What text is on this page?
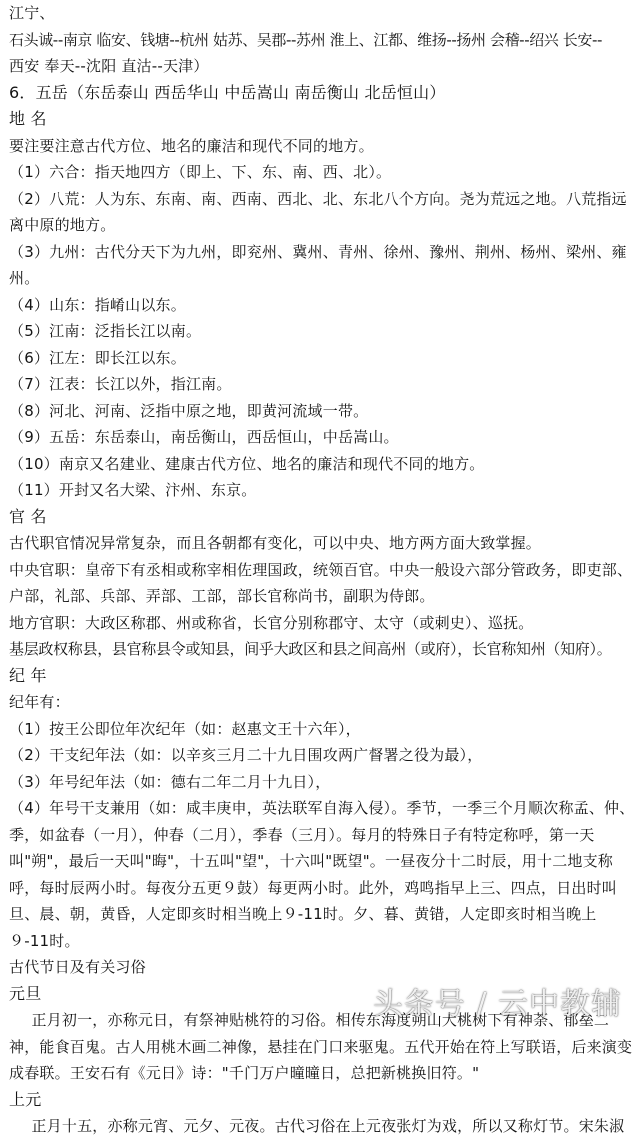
江宁、
石头诚--南京 临安、钱塘--杭州 姑苏、吴郡--苏州 淮上、江都、维扬--扬州 会稽--绍兴 长安--
西安 奉天--沈阳 直沽--天津）
6．五岳（东岳泰山 西岳华山 中岳嵩山 南岳衡山 北岳恒山）
地 名
要注要注意古代方位、地名的廉洁和现代不同的地方。
（1）六合：指天地四方（即上、下、东、南、西、北）。
（2）八荒：人为东、东南、南、西南、西北、北、东北八个方向。尧为荒远之地。八荒指远离中原的地方。
（3）九州：古代分天下为九州，即兖州、冀州、青州、徐州、豫州、荆州、杨州、梁州、雍州。
（4）山东：指崤山以东。
（5）江南：泛指长江以南。
（6）江左：即长江以东。
（7）江表：长江以外，指江南。
（8）河北、河南、泛指中原之地，即黄河流域一带。
（9）五岳：东岳泰山，南岳衡山，西岳恒山，中岳嵩山。
（10）南京又名建业、建康古代方位、地名的廉洁和现代不同的地方。
（11）开封又名大梁、汴州、东京。
官 名
古代职官情况异常复杂，而且各朝都有变化，可以中央、地方两方面大致掌握。
中央官职：皇帝下有丞相或称宰相佐理国政，统领百官。中央一般设六部分管政务，即吏部、户部，礼部、兵部、弄部、工部，部长官称尚书，副职为侍郎。
地方官职：大政区称郡、州或称省，长官分别称郡守、太守（或刺史）、巡抚。
基层政权称县，县官称县令或知县，间乎大政区和县之间高州（或府），长官称知州（知府）。
纪 年
纪年有：
（1）按王公即位年次纪年（如：赵惠文王十六年），
（2）干支纪年法（如：以辛亥三月二十九日围攻两广督署之役为最），
（3）年号纪年法（如：德右二年二月十九日），
（4）年号干支兼用（如：咸丰庚申，英法联军自海入侵）。季节，一季三个月顺次称孟、仲、季，如盆春（一月），仲春（二月），季春（三月）。每月的特殊日子有特定称呼，第一天叫"朔"，最后一天叫"晦"，十五叫"望"，十六叫"既望"。一昼夜分十二时辰，用十二地支称呼，每时辰两小时。每夜分五更９鼓）每更两小时。此外，鸡鸣指早上三、四点，日出时叫旦、晨、朝，黄昏，人定即亥时相当晚上９-11时。夕、暮、黄错，人定即亥时相当晚上９-11时。
古代节日及有关习俗
元旦
正月初一，亦称元日，有祭神贴桃符的习俗。相传东海度朔山大桃树下有神荼、郁垒二神，能食百鬼。古人用桃木画二神像，悬挂在门口来驱鬼。五代开始在符上写联语，后来演变成春联。王安石有《元日》诗："千门万户曈曈日，总把新桃换旧符。"
上元
正月十五，亦称元宵、元夕、元夜。古代习俗在上元夜张灯为戏，所以又称灯节。宋朱淑
头条号 / 云中教辅
